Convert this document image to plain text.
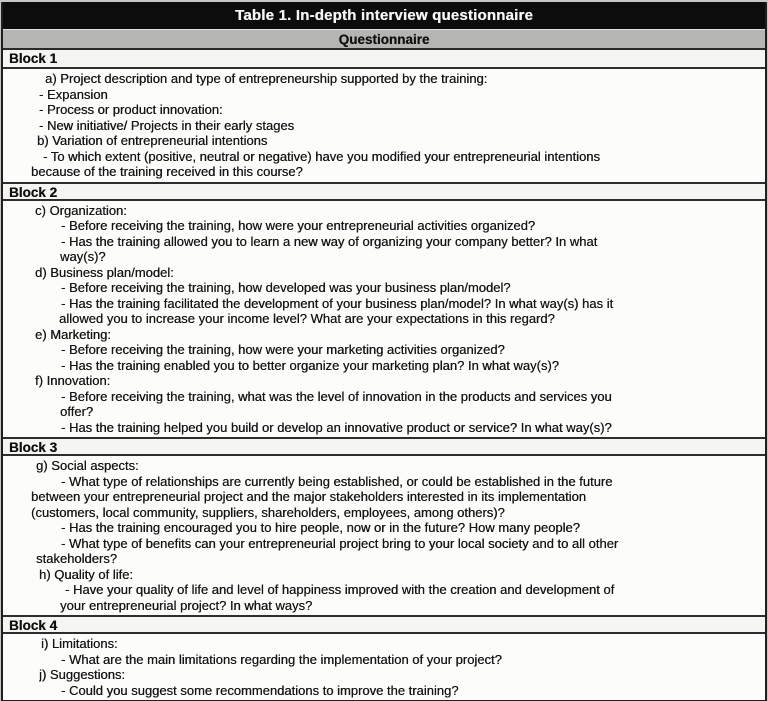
Table 1. In-depth interview questionnaire
Questionnaire
Block 1
a) Project description and type of entrepreneurship supported by the training:
- Expansion
- Process or product innovation:
- New initiative/ Projects in their early stages
b) Variation of entrepreneurial intentions
- To which extent (positive, neutral or negative) have you modified your entrepreneurial intentions
because of the training received in this course?
Block 2
c) Organization:
- Before receiving the training, how were your entrepreneurial activities organized?
- Has the training allowed you to learn a new way of organizing your company better? In what
way(s)?
d) Business plan/model:
- Before receiving the training, how developed was your business plan/model?
- Has the training facilitated the development of your business plan/model? In what way(s) has it
allowed you to increase your income level? What are your expectations in this regard?
e) Marketing:
- Before receiving the training, how were your marketing activities organized?
- Has the training enabled you to better organize your marketing plan? In what way(s)?
f) Innovation:
- Before receiving the training, what was the level of innovation in the products and services you
offer?
- Has the training helped you build or develop an innovative product or service? In what way(s)?
Block 3
g) Social aspects:
- What type of relationships are currently being established, or could be established in the future
between your entrepreneurial project and the major stakeholders interested in its implementation
(customers, local community, suppliers, shareholders, employees, among others)?
- Has the training encouraged you to hire people, now or in the future? How many people?
- What type of benefits can your entrepreneurial project bring to your local society and to all other
stakeholders?
h) Quality of life:
- Have your quality of life and level of happiness improved with the creation and development of
your entrepreneurial project? In what ways?
Block 4
i) Limitations:
- What are the main limitations regarding the implementation of your project?
j) Suggestions:
- Could you suggest some recommendations to improve the training?
